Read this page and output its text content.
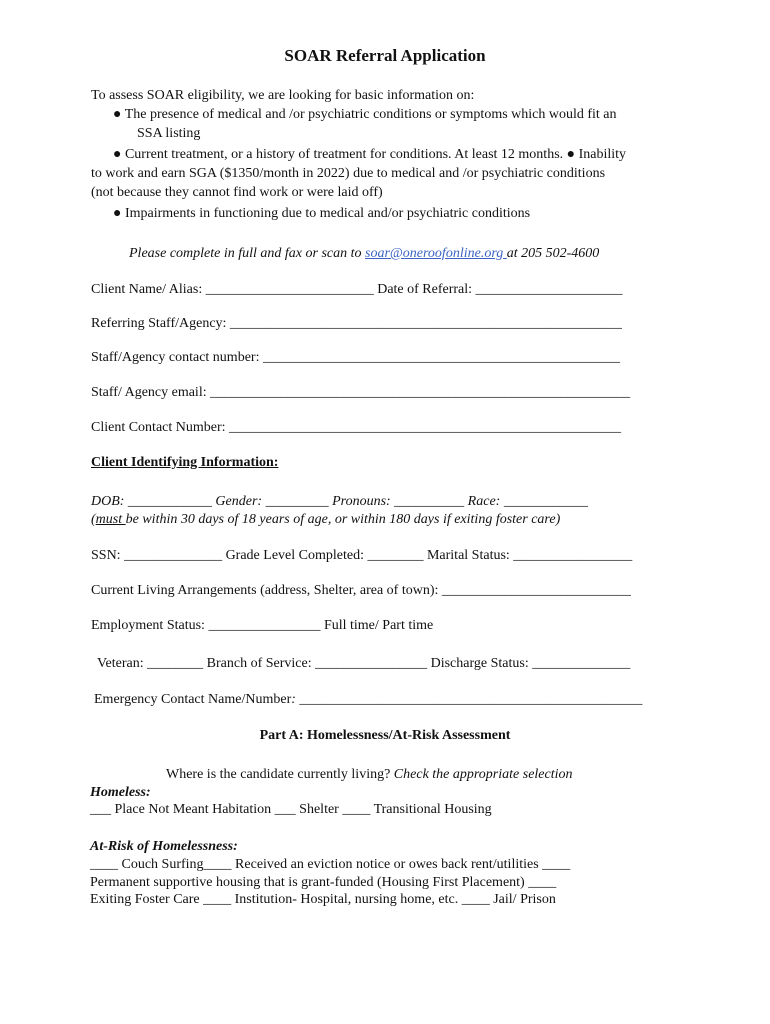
SOAR Referral Application
To assess SOAR eligibility, we are looking for basic information on:
● The presence of medical and /or psychiatric conditions or symptoms which would fit an
SSA listing
● Current treatment, or a history of treatment for conditions. At least 12 months. ● Inability
to work and earn SGA ($1350/month in 2022) due to medical and /or psychiatric conditions
(not because they cannot find work or were laid off)
● Impairments in functioning due to medical and/or psychiatric conditions
Please complete in full and fax or scan to soar@oneroofonline.org at 205 502-4600
Client Name/ Alias: ________________________ Date of Referral: _____________________
Referring Staff/Agency: ________________________________________________________
Staff/Agency contact number: ___________________________________________________
Staff/ Agency email: ____________________________________________________________
Client Contact Number: ________________________________________________________
Client Identifying Information:
DOB: ____________ Gender: _________ Pronouns: __________ Race: ____________
(must be within 30 days of 18 years of age, or within 180 days if exiting foster care)
SSN: ______________ Grade Level Completed: ________ Marital Status: _________________
Current Living Arrangements (address, Shelter, area of town): ___________________________
Employment Status: ________________ Full time/ Part time
Veteran: ________ Branch of Service: ________________ Discharge Status: ______________
Emergency Contact Name/Number: _________________________________________________
Part A: Homelessness/At-Risk Assessment
Where is the candidate currently living? Check the appropriate selection
Homeless:
___ Place Not Meant Habitation ___ Shelter ____ Transitional Housing
At-Risk of Homelessness:
____ Couch Surfing____ Received an eviction notice or owes back rent/utilities ____
Permanent supportive housing that is grant-funded (Housing First Placement) ____
Exiting Foster Care ____ Institution- Hospital, nursing home, etc. ____ Jail/ Prison
